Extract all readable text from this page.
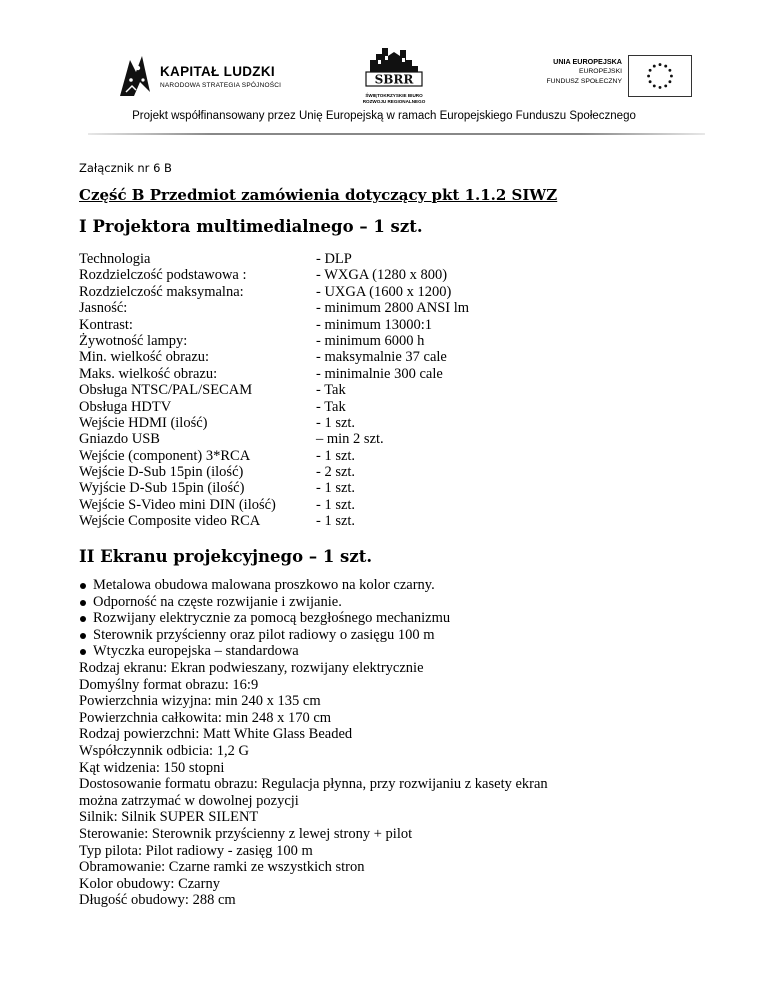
KAPITAŁ LUDZKI
NARODOWA STRATEGIA SPÓJNOŚCI	SBRR
ŚWIĘTOKRZYSKIE BIURO
ROZWOJU REGIONALNEGO
UNIA EUROPEJSKA
EUROPEJSKI
FUNDUSZ SPOŁECZNY
Projekt współfinansowany przez Unię Europejską w ramach Europejskiego Funduszu Społecznego
Załącznik nr 6 B
Część B Przedmiot zamówienia dotyczący pkt 1.1.2 SIWZ
I Projektora multimedialnego – 1 szt.
Technologia	- DLP
Rozdzielczość podstawowa :	- WXGA (1280 x 800)
Rozdzielczość maksymalna:	- UXGA (1600 x 1200)
Jasność:	- minimum 2800 ANSI lm
Kontrast:	- minimum 13000:1
Żywotność lampy:	- minimum 6000 h
Min. wielkość obrazu:	- maksymalnie 37 cale
Maks. wielkość obrazu:	- minimalnie 300 cale
Obsługa NTSC/PAL/SECAM	- Tak
Obsługa HDTV	- Tak
Wejście HDMI (ilość)	- 1 szt.
Gniazdo USB	– min 2 szt.
Wejście (component) 3*RCA	- 1 szt.
Wejście D-Sub 15pin (ilość)	- 2 szt.
Wyjście D-Sub 15pin (ilość)	- 1 szt.
Wejście S-Video mini DIN (ilość)	- 1 szt.
Wejście Composite video RCA	- 1 szt.
II Ekranu projekcyjnego – 1 szt.
Metalowa obudowa malowana proszkowo na kolor czarny.
Odporność na częste rozwijanie i zwijanie.
Rozwijany elektrycznie za pomocą bezgłośnego mechanizmu
Sterownik przyścienny oraz pilot radiowy o zasięgu 100 m
Wtyczka europejska – standardowa
Rodzaj ekranu: Ekran podwieszany, rozwijany elektrycznie
Domyślny format obrazu: 16:9
Powierzchnia wizyjna: min 240 x 135 cm
Powierzchnia całkowita: min 248 x 170 cm
Rodzaj powierzchni: Matt White Glass Beaded
Współczynnik odbicia: 1,2 G
Kąt widzenia: 150 stopni
Dostosowanie formatu obrazu: Regulacja płynna, przy rozwijaniu z kasety ekran
można zatrzymać w dowolnej pozycji
Silnik: Silnik SUPER SILENT
Sterowanie: Sterownik przyścienny z lewej strony + pilot
Typ pilota: Pilot radiowy - zasięg 100 m
Obramowanie: Czarne ramki ze wszystkich stron
Kolor obudowy: Czarny
Długość obudowy: 288 cm
